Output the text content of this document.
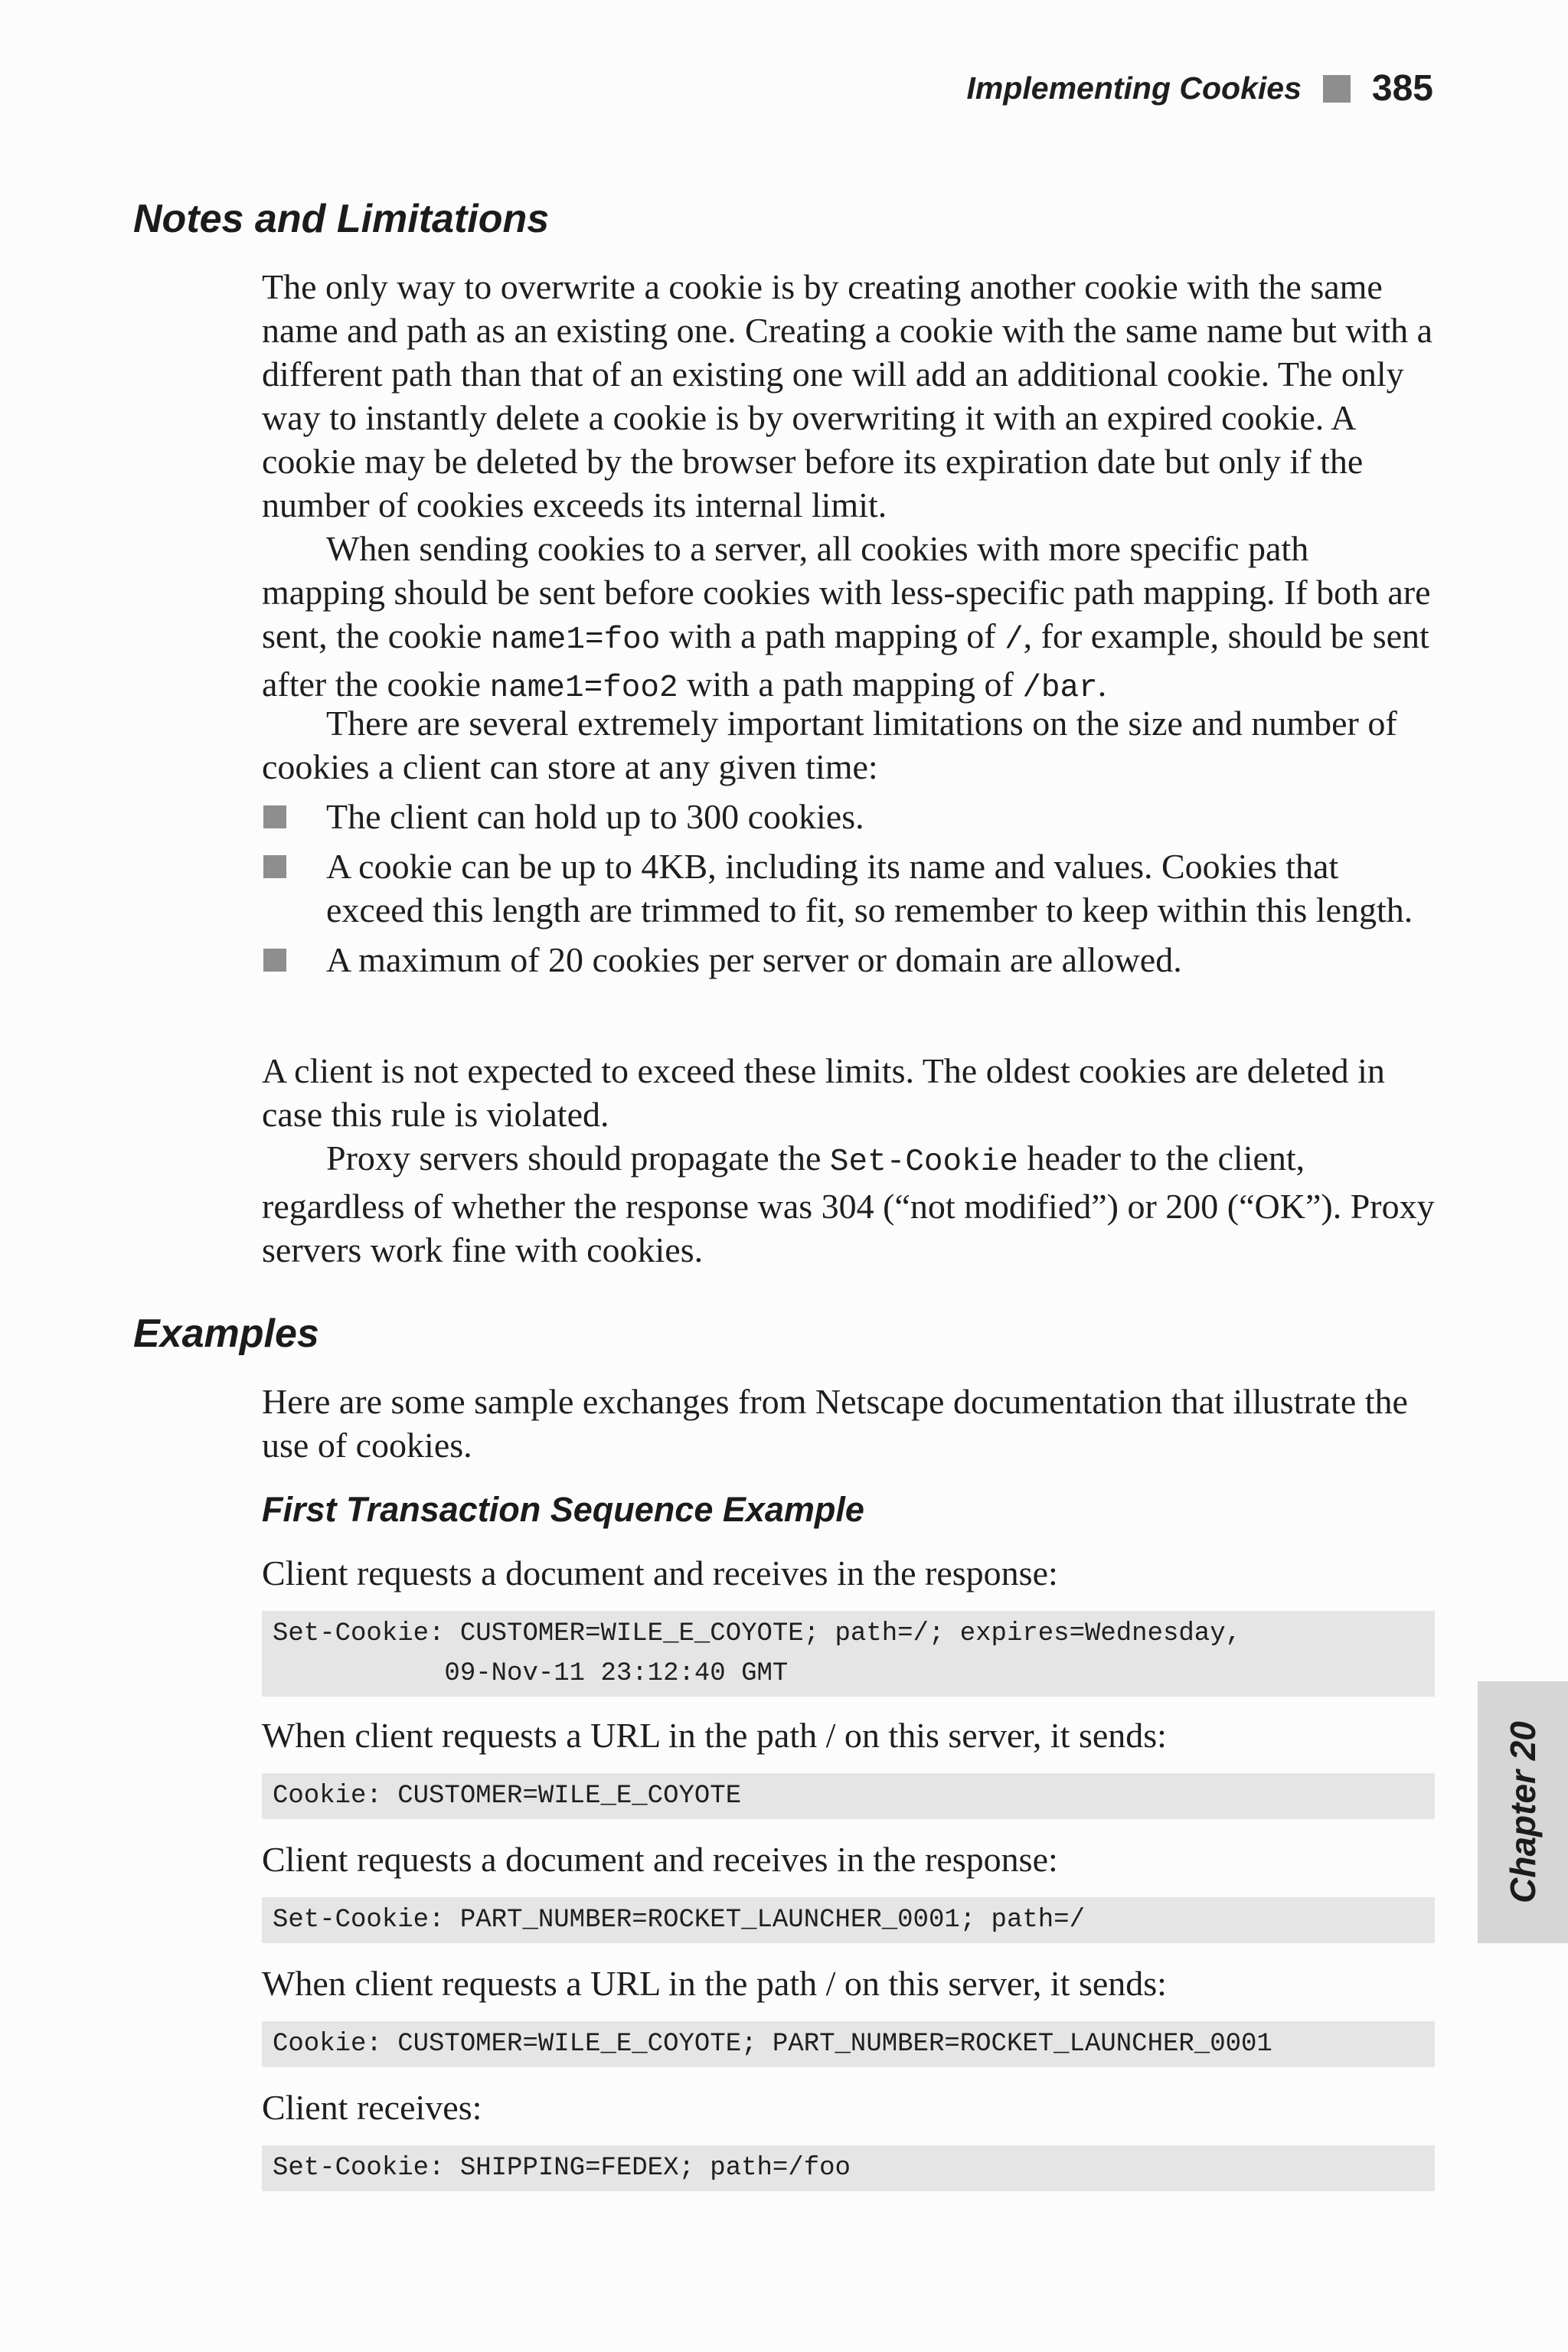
Implementing Cookies 385
Notes and Limitations

The only way to overwrite a cookie is by creating another cookie with the same name and path as an existing one. Creating a cookie with the same name but with a different path than that of an existing one will add an additional cookie. The only way to instantly delete a cookie is by overwriting it with an expired cookie. A cookie may be deleted by the browser before its expiration date but only if the number of cookies exceeds its internal limit.

When sending cookies to a server, all cookies with more specific path mapping should be sent before cookies with less-specific path mapping. If both are sent, the cookie name1=foo with a path mapping of /, for example, should be sent after the cookie name1=foo2 with a path mapping of /bar.

There are several extremely important limitations on the size and number of cookies a client can store at any given time:

The client can hold up to 300 cookies.
A cookie can be up to 4KB, including its name and values. Cookies that exceed this length are trimmed to fit, so remember to keep within this length.
A maximum of 20 cookies per server or domain are allowed.

A client is not expected to exceed these limits. The oldest cookies are deleted in case this rule is violated.

Proxy servers should propagate the Set-Cookie header to the client, regardless of whether the response was 304 (“not modified”) or 200 (“OK”). Proxy servers work fine with cookies.

Examples

Here are some sample exchanges from Netscape documentation that illustrate the use of cookies.

First Transaction Sequence Example

Client requests a document and receives in the response:

Set-Cookie: CUSTOMER=WILE_E_COYOTE; path=/; expires=Wednesday,
09-Nov-11 23:12:40 GMT

When client requests a URL in the path / on this server, it sends:

Cookie: CUSTOMER=WILE_E_COYOTE

Client requests a document and receives in the response:

Set-Cookie: PART_NUMBER=ROCKET_LAUNCHER_0001; path=/

When client requests a URL in the path / on this server, it sends:

Cookie: CUSTOMER=WILE_E_COYOTE; PART_NUMBER=ROCKET_LAUNCHER_0001

Client receives:

Set-Cookie: SHIPPING=FEDEX; path=/foo
Chapter 20
